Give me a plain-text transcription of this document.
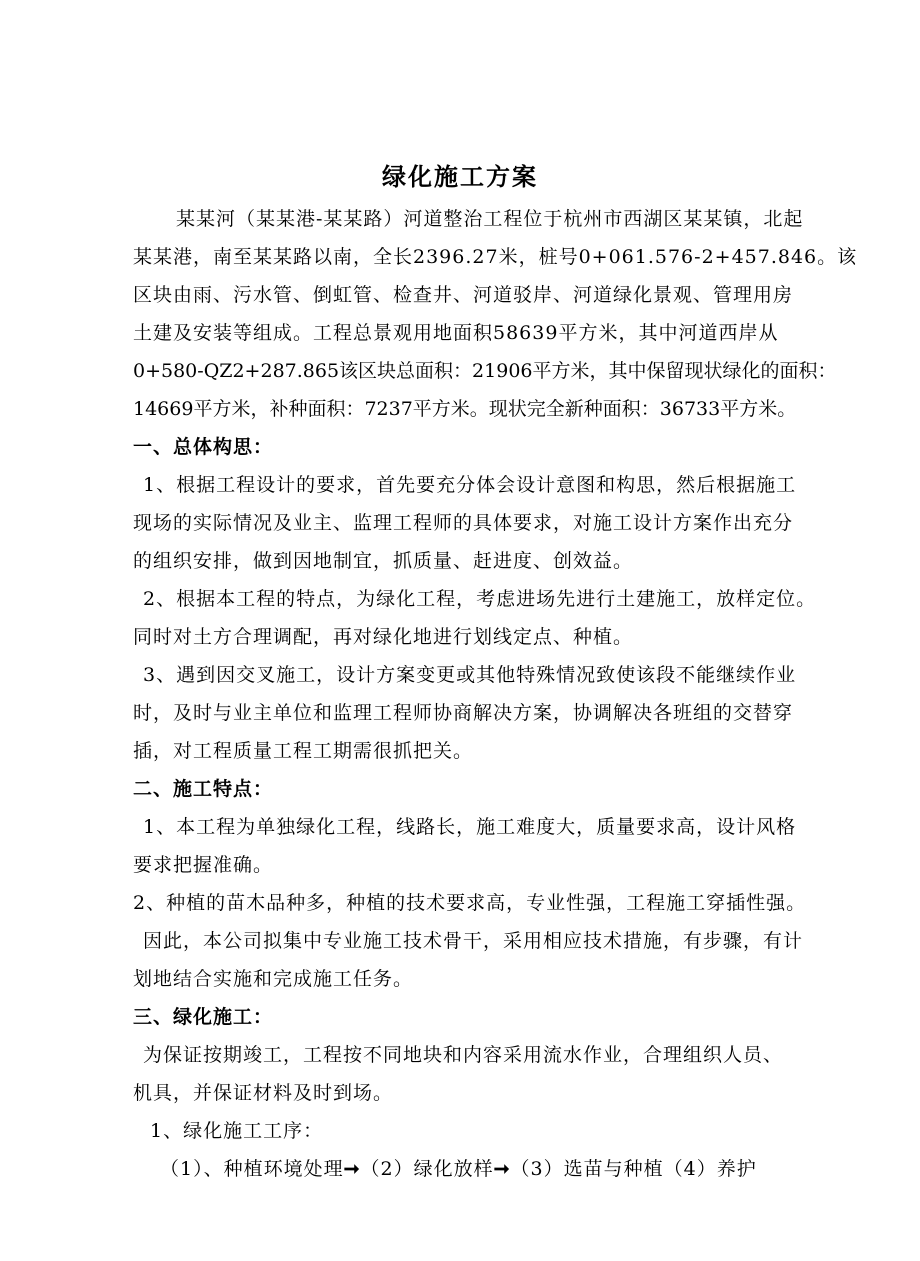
绿化施工方案
某某河（某某港-某某路）河道整治工程位于杭州市西湖区某某镇，北起
某某港，南至某某路以南，全长2396.27米，桩号0+061.576-2+457.846。该
区块由雨、污水管、倒虹管、检查井、河道驳岸、河道绿化景观、管理用房
土建及安装等组成。工程总景观用地面积58639平方米，其中河道西岸从
0+580-QZ2+287.865该区块总面积：21906平方米，其中保留现状绿化的面积：
14669平方米，补种面积：7237平方米。现状完全新种面积：36733平方米。
一、总体构思：
1、根据工程设计的要求，首先要充分体会设计意图和构思，然后根据施工
现场的实际情况及业主、监理工程师的具体要求，对施工设计方案作出充分
的组织安排，做到因地制宜，抓质量、赶进度、创效益。
2、根据本工程的特点，为绿化工程，考虑进场先进行土建施工，放样定位。
同时对土方合理调配，再对绿化地进行划线定点、种植。
3、遇到因交叉施工，设计方案变更或其他特殊情况致使该段不能继续作业
时，及时与业主单位和监理工程师协商解决方案，协调解决各班组的交替穿
插，对工程质量工程工期需很抓把关。
二、施工特点：
1、本工程为单独绿化工程，线路长，施工难度大，质量要求高，设计风格
要求把握准确。
2、种植的苗木品种多，种植的技术要求高，专业性强，工程施工穿插性强。
因此，本公司拟集中专业施工技术骨干，采用相应技术措施，有步骤，有计
划地结合实施和完成施工任务。
三、绿化施工：
为保证按期竣工，工程按不同地块和内容采用流水作业，合理组织人员、
机具，并保证材料及时到场。
1、绿化施工工序：
（1）、种植环境处理➞（2）绿化放样➞（3）选苗与种植（4）养护
